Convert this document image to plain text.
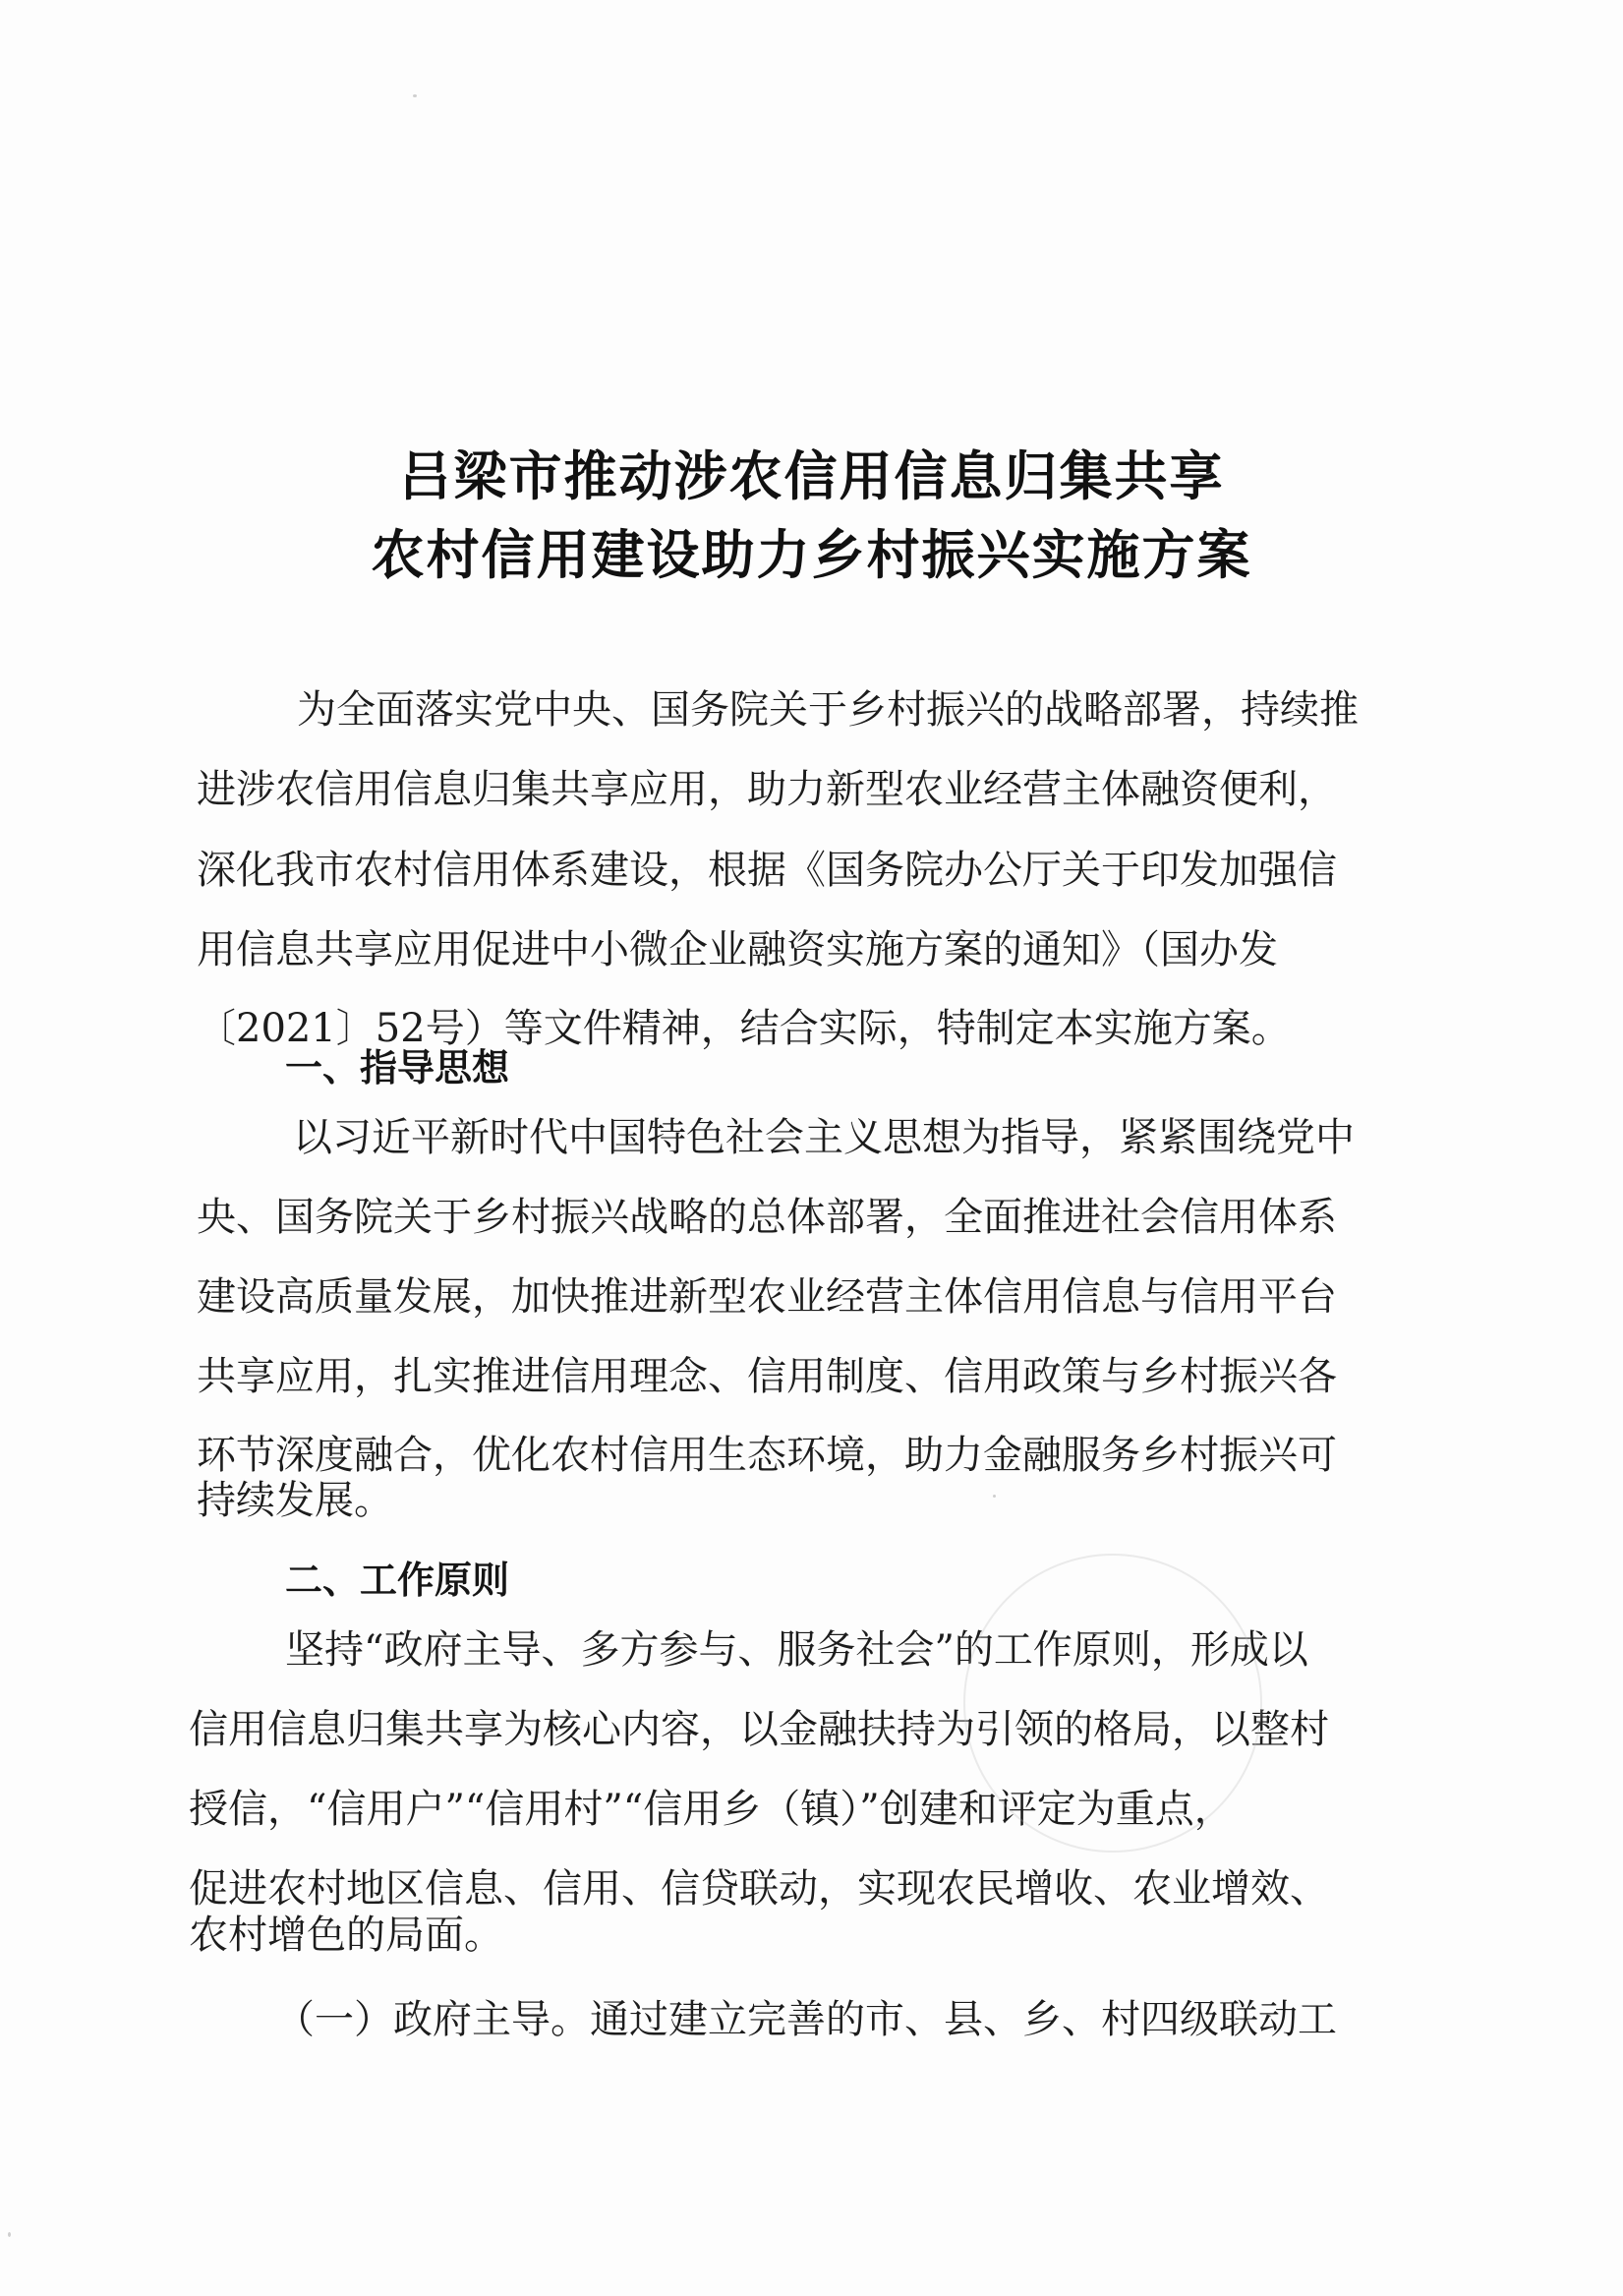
吕梁市推动涉农信用信息归集共享
农村信用建设助力乡村振兴实施方案
为全面落实党中央、国务院关于乡村振兴的战略部署，持续推
进涉农信用信息归集共享应用，助力新型农业经营主体融资便利，
深化我市农村信用体系建设，根据《国务院办公厅关于印发加强信
用信息共享应用促进中小微企业融资实施方案的通知》（国办发
〔2021〕52号）等文件精神，结合实际，特制定本实施方案。
一、指导思想
以习近平新时代中国特色社会主义思想为指导，紧紧围绕党中
央、国务院关于乡村振兴战略的总体部署，全面推进社会信用体系
建设高质量发展，加快推进新型农业经营主体信用信息与信用平台
共享应用，扎实推进信用理念、信用制度、信用政策与乡村振兴各
环节深度融合，优化农村信用生态环境，助力金融服务乡村振兴可
持续发展。
二、工作原则
坚持“政府主导、多方参与、服务社会”的工作原则，形成以
信用信息归集共享为核心内容，以金融扶持为引领的格局，以整村
授信，“信用户”“信用村”“信用乡（镇）”创建和评定为重点，
促进农村地区信息、信用、信贷联动，实现农民增收、农业增效、
农村增色的局面。
（一）政府主导。通过建立完善的市、县、乡、村四级联动工
